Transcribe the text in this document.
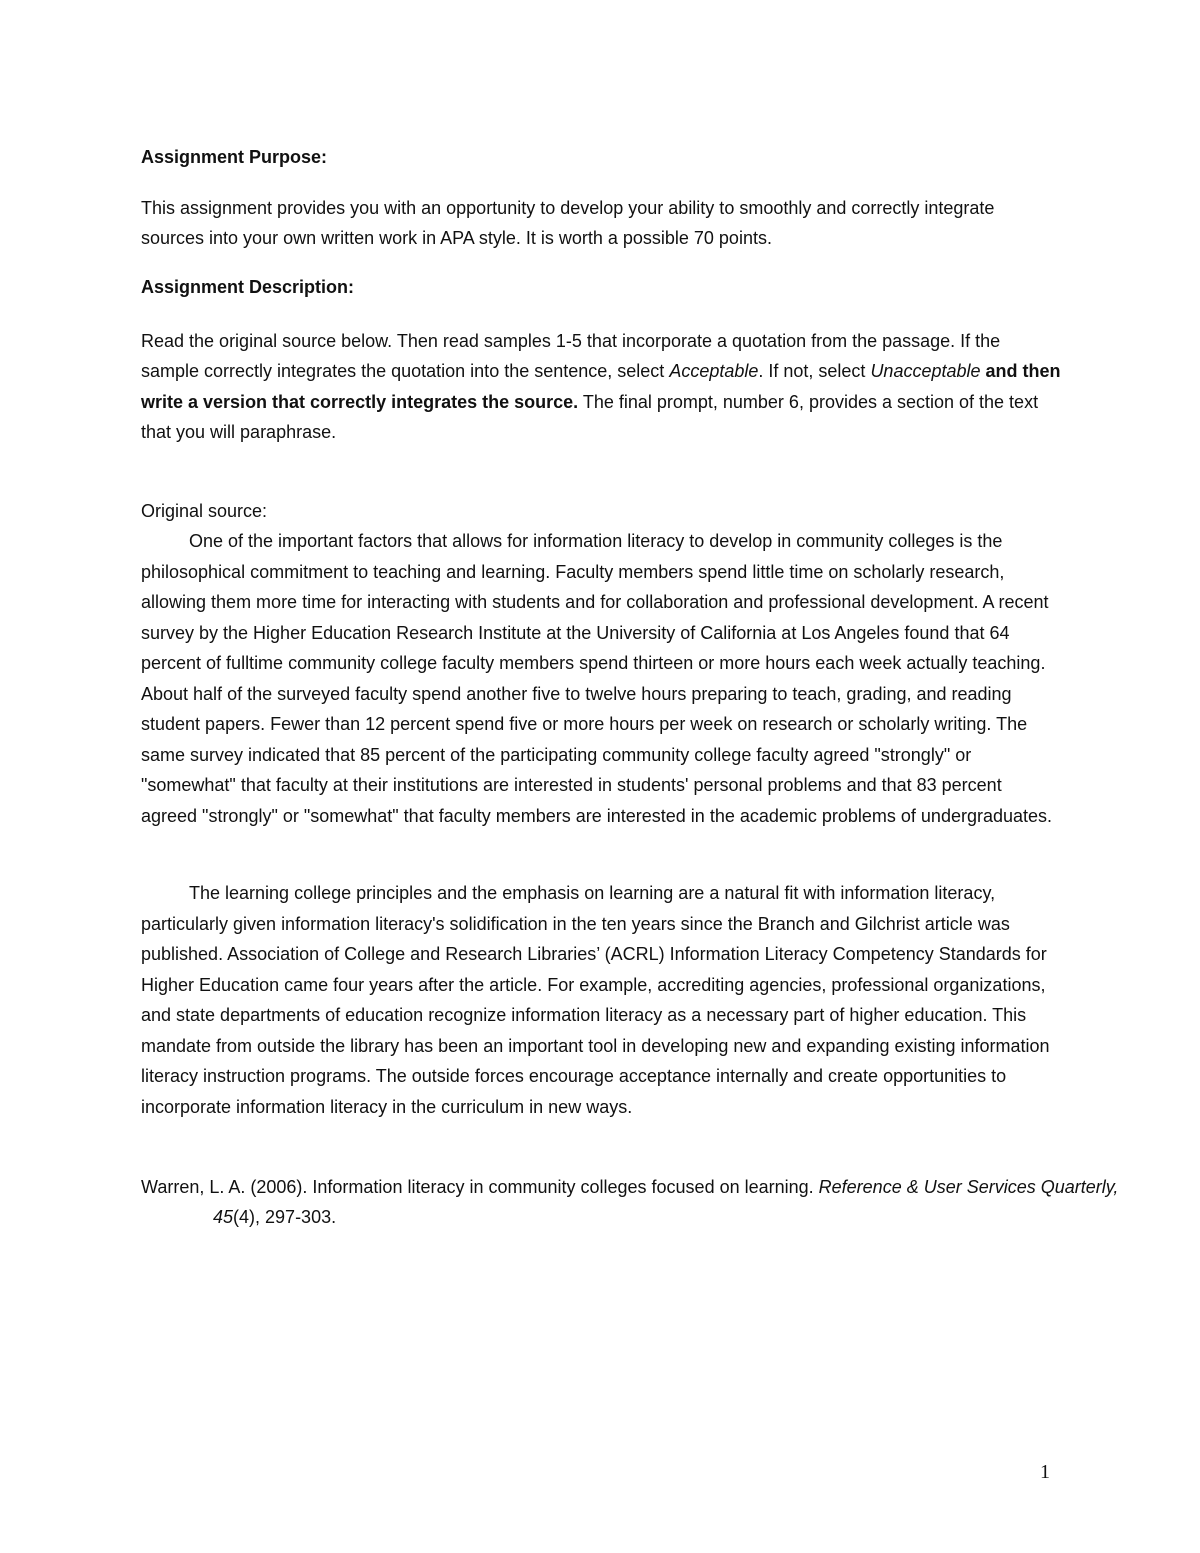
Assignment Purpose:

This assignment provides you with an opportunity to develop your ability to smoothly and correctly integrate sources into your own written work in APA style. It is worth a possible 70 points.

Assignment Description:

Read the original source below. Then read samples 1-5 that incorporate a quotation from the passage. If the sample correctly integrates the quotation into the sentence, select Acceptable. If not, select Unacceptable and then write a version that correctly integrates the source. The final prompt, number 6, provides a section of the text that you will paraphrase.

Original source:

One of the important factors that allows for information literacy to develop in community colleges is the philosophical commitment to teaching and learning. Faculty members spend little time on scholarly research, allowing them more time for interacting with students and for collaboration and professional development. A recent survey by the Higher Education Research Institute at the University of California at Los Angeles found that 64 percent of fulltime community college faculty members spend thirteen or more hours each week actually teaching. About half of the surveyed faculty spend another five to twelve hours preparing to teach, grading, and reading student papers. Fewer than 12 percent spend five or more hours per week on research or scholarly writing. The same survey indicated that 85 percent of the participating community college faculty agreed "strongly" or "somewhat" that faculty at their institutions are interested in students' personal problems and that 83 percent agreed "strongly" or "somewhat" that faculty members are interested in the academic problems of undergraduates.

The learning college principles and the emphasis on learning are a natural fit with information literacy, particularly given information literacy's solidification in the ten years since the Branch and Gilchrist article was published. Association of College and Research Libraries’ (ACRL) Information Literacy Competency Standards for Higher Education came four years after the article. For example, accrediting agencies, professional organizations, and state departments of education recognize information literacy as a necessary part of higher education. This mandate from outside the library has been an important tool in developing new and expanding existing information literacy instruction programs. The outside forces encourage acceptance internally and create opportunities to incorporate information literacy in the curriculum in new ways.

Warren, L. A. (2006). Information literacy in community colleges focused on learning. Reference & User Services Quarterly, 45(4), 297-303.

1
